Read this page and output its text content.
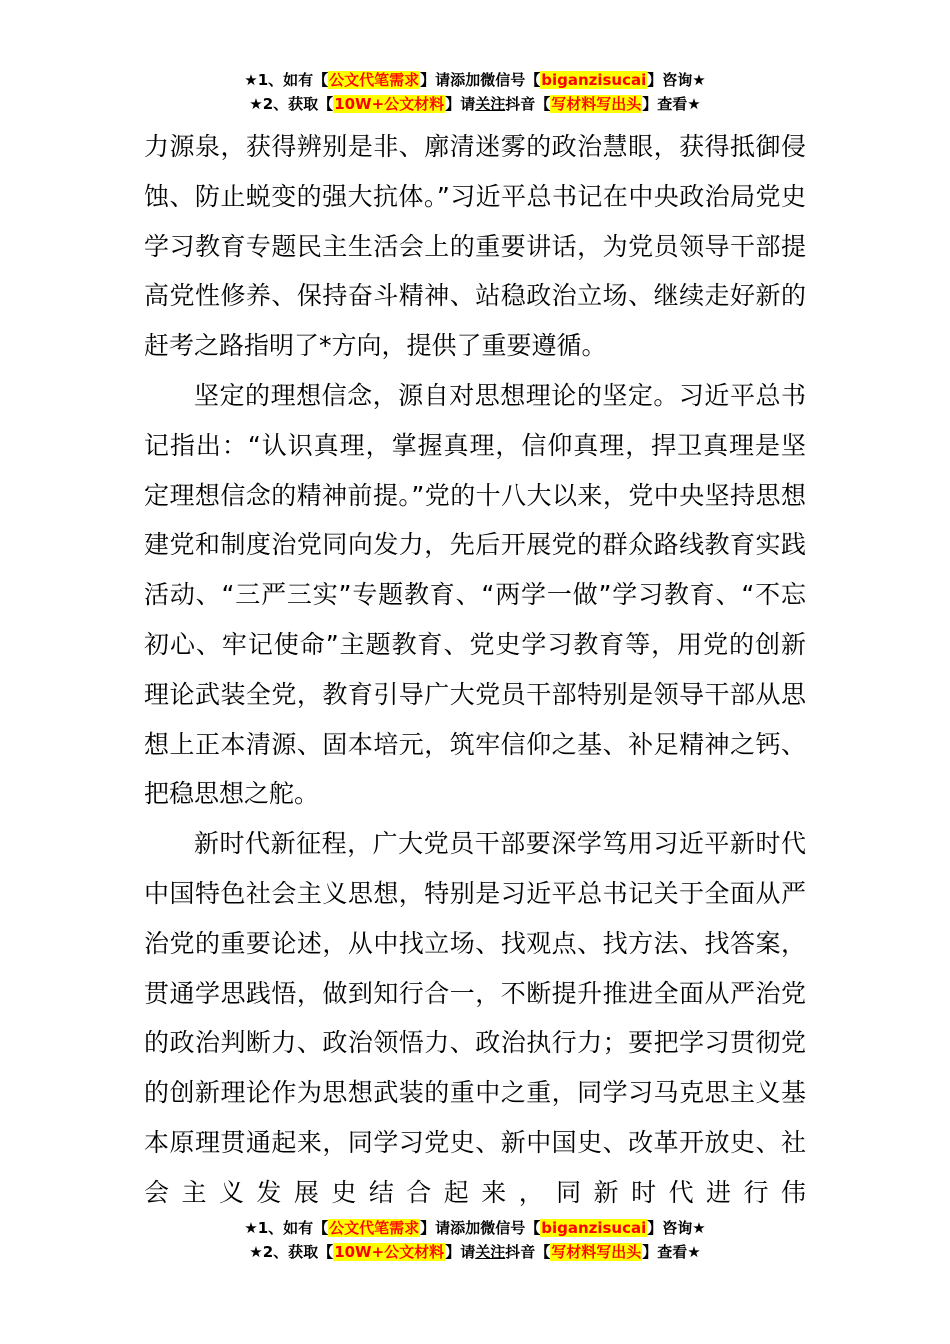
★1、如有【公文代笔需求】请添加微信号【biganzisucai】咨询★
★2、获取【10W+公文材料】请关注抖音【写材料写出头】查看★

力源泉，获得辨别是非、廓清迷雾的政治慧眼，获得抵御侵蚀、防止蜕变的强大抗体。”习近平总书记在中央政治局党史学习教育专题民主生活会上的重要讲话，为党员领导干部提高党性修养、保持奋斗精神、站稳政治立场、继续走好新的赶考之路指明了*方向，提供了重要遵循。

坚定的理想信念，源自对思想理论的坚定。习近平总书记指出：“认识真理，掌握真理，信仰真理，捍卫真理是坚定理想信念的精神前提。”党的十八大以来，党中央坚持思想建党和制度治党同向发力，先后开展党的群众路线教育实践活动、“三严三实”专题教育、“两学一做”学习教育、“不忘初心、牢记使命”主题教育、党史学习教育等，用党的创新理论武装全党，教育引导广大党员干部特别是领导干部从思想上正本清源、固本培元，筑牢信仰之基、补足精神之钙、把稳思想之舵。

新时代新征程，广大党员干部要深学笃用习近平新时代中国特色社会主义思想，特别是习近平总书记关于全面从严治党的重要论述，从中找立场、找观点、找方法、找答案，贯通学思践悟，做到知行合一，不断提升推进全面从严治党的政治判断力、政治领悟力、政治执行力；要把学习贯彻党的创新理论作为思想武装的重中之重，同学习马克思主义基本原理贯通起来，同学习党史、新中国史、改革开放史、社会主义发展史结合起来，同新时代进行伟

★1、如有【公文代笔需求】请添加微信号【biganzisucai】咨询★
★2、获取【10W+公文材料】请关注抖音【写材料写出头】查看★
